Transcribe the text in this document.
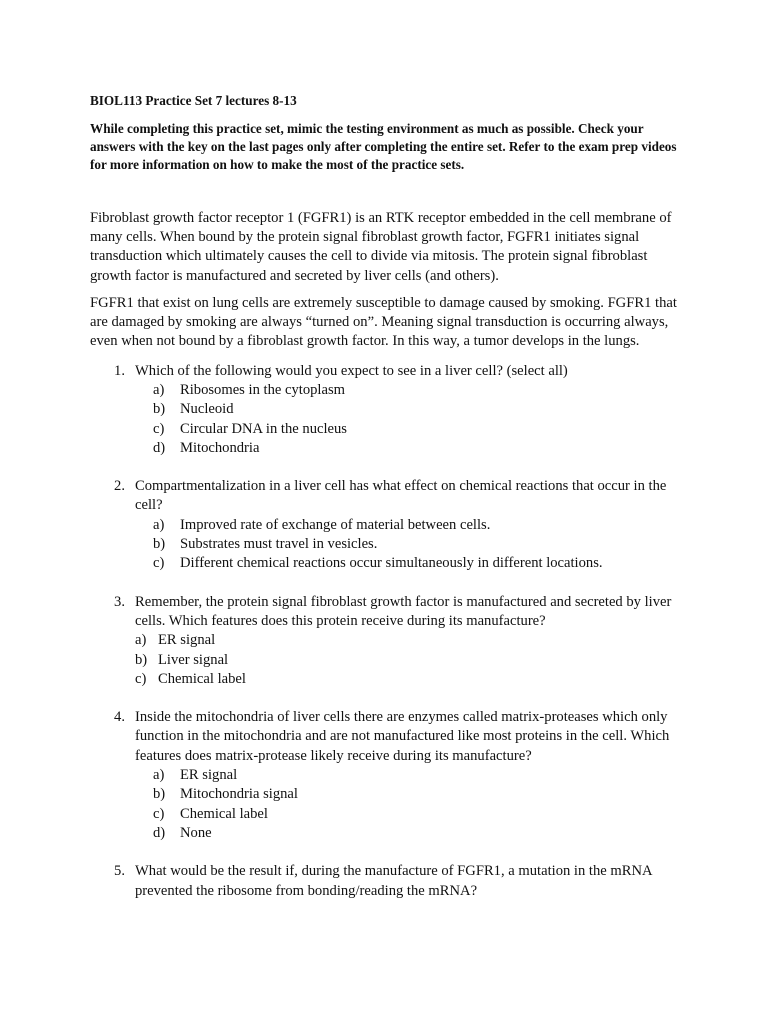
BIOL113 Practice Set 7 lectures 8-13
While completing this practice set, mimic the testing environment as much as possible. Check your answers with the key on the last pages only after completing the entire set. Refer to the exam prep videos for more information on how to make the most of the practice sets.

Fibroblast growth factor receptor 1 (FGFR1) is an RTK receptor embedded in the cell membrane of many cells. When bound by the protein signal fibroblast growth factor, FGFR1 initiates signal transduction which ultimately causes the cell to divide via mitosis. The protein signal fibroblast growth factor is manufactured and secreted by liver cells (and others).

FGFR1 that exist on lung cells are extremely susceptible to damage caused by smoking. FGFR1 that are damaged by smoking are always “turned on”. Meaning signal transduction is occurring always, even when not bound by a fibroblast growth factor. In this way, a tumor develops in the lungs.

1. Which of the following would you expect to see in a liver cell? (select all)
a)	Ribosomes in the cytoplasm
b)	Nucleoid
c)	Circular DNA in the nucleus
d)	Mitochondria
2. Compartmentalization in a liver cell has what effect on chemical reactions that occur in the cell?
a)	Improved rate of exchange of material between cells.
b)	Substrates must travel in vesicles.
c)	Different chemical reactions occur simultaneously in different locations.
3. Remember, the protein signal fibroblast growth factor is manufactured and secreted by liver cells. Which features does this protein receive during its manufacture?
a) ER signal
b) Liver signal
c) Chemical label
4. Inside the mitochondria of liver cells there are enzymes called matrix-proteases which only function in the mitochondria and are not manufactured like most proteins in the cell. Which features does matrix-protease likely receive during its manufacture?
a)	ER signal
b)	Mitochondria signal
c)	Chemical label
d)	None
5. What would be the result if, during the manufacture of FGFR1, a mutation in the mRNA prevented the ribosome from bonding/reading the mRNA?
